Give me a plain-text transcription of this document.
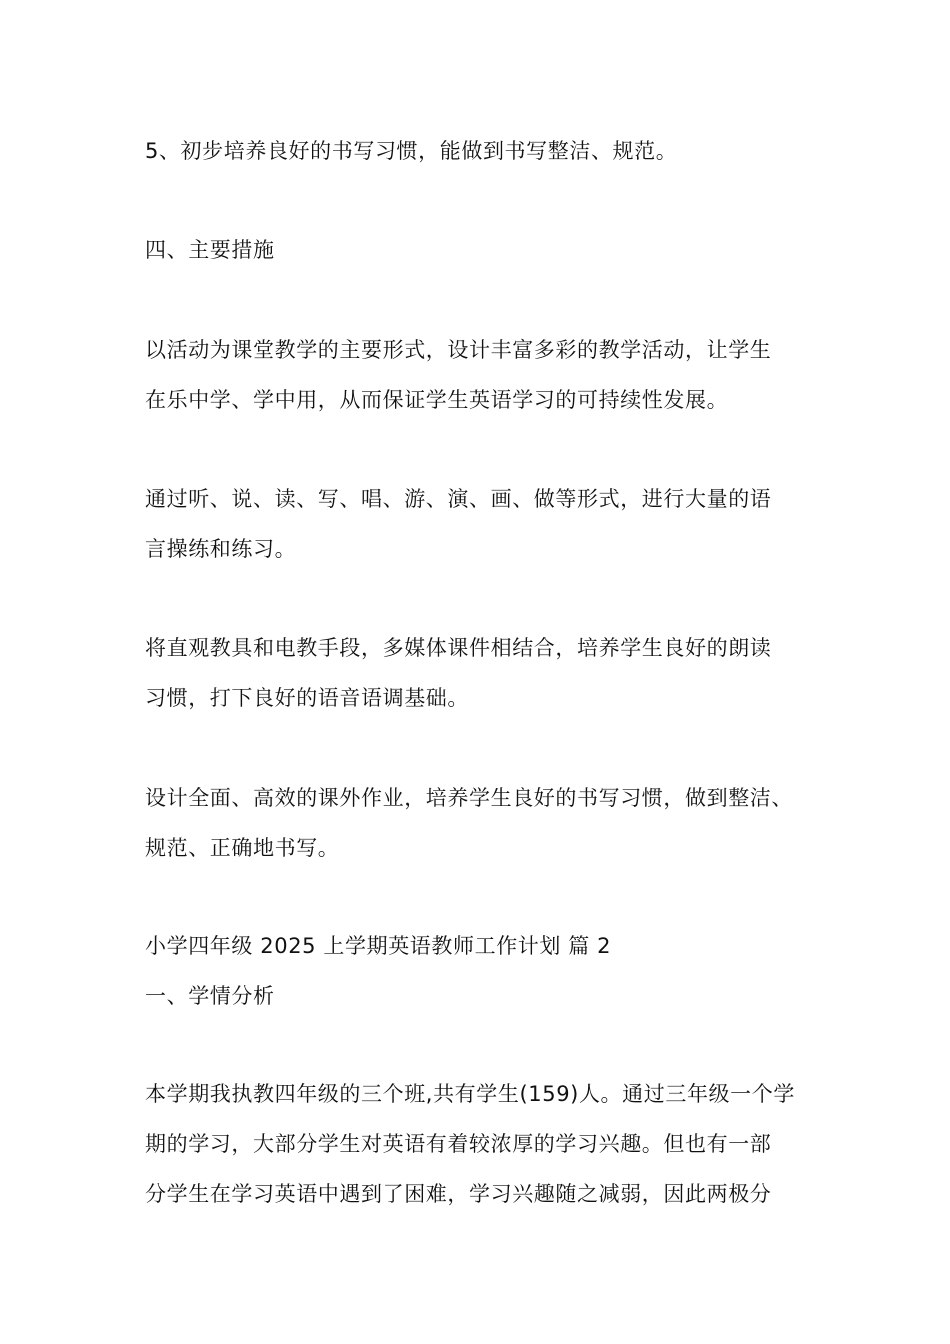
5、初步培养良好的书写习惯，能做到书写整洁、规范。
四、主要措施
以活动为课堂教学的主要形式，设计丰富多彩的教学活动，让学生
在乐中学、学中用，从而保证学生英语学习的可持续性发展。
通过听、说、读、写、唱、游、演、画、做等形式，进行大量的语
言操练和练习。
将直观教具和电教手段，多媒体课件相结合，培养学生良好的朗读
习惯，打下良好的语音语调基础。
设计全面、高效的课外作业，培养学生良好的书写习惯，做到整洁、
规范、正确地书写。
小学四年级 2025 上学期英语教师工作计划 篇 2
一、学情分析
本学期我执教四年级的三个班,共有学生(159)人。通过三年级一个学
期的学习，大部分学生对英语有着较浓厚的学习兴趣。但也有一部
分学生在学习英语中遇到了困难，学习兴趣随之减弱，因此两极分
